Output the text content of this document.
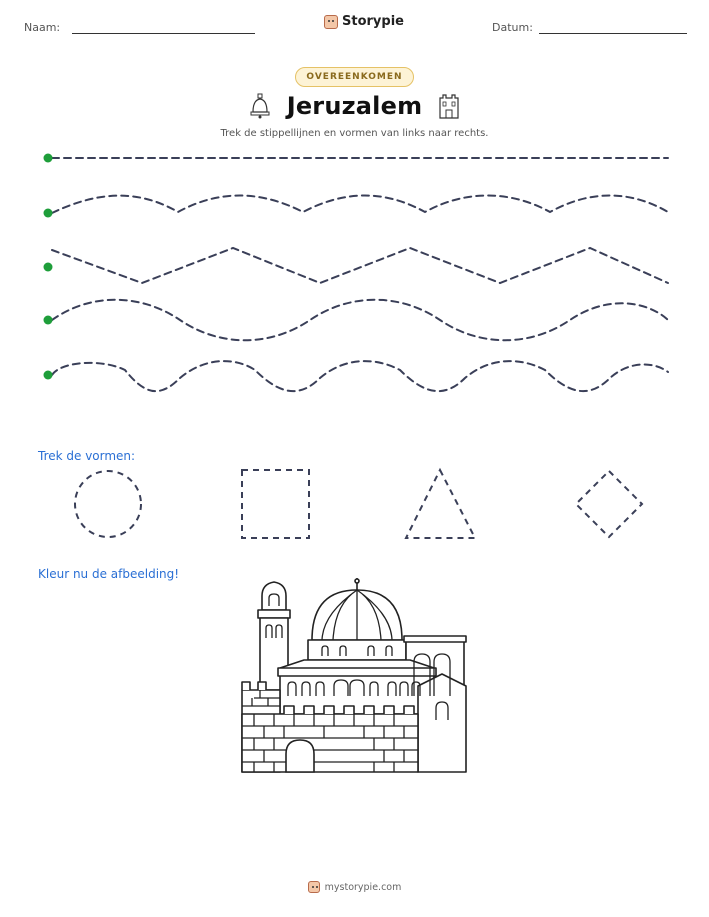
Naam:	Storypie	Datum:
OVEREENKOMEN
Jeruzalem
Trek de stippellijnen en vormen van links naar rechts.
Trek de vormen:
Kleur nu de afbeelding!
mystorypie.com
